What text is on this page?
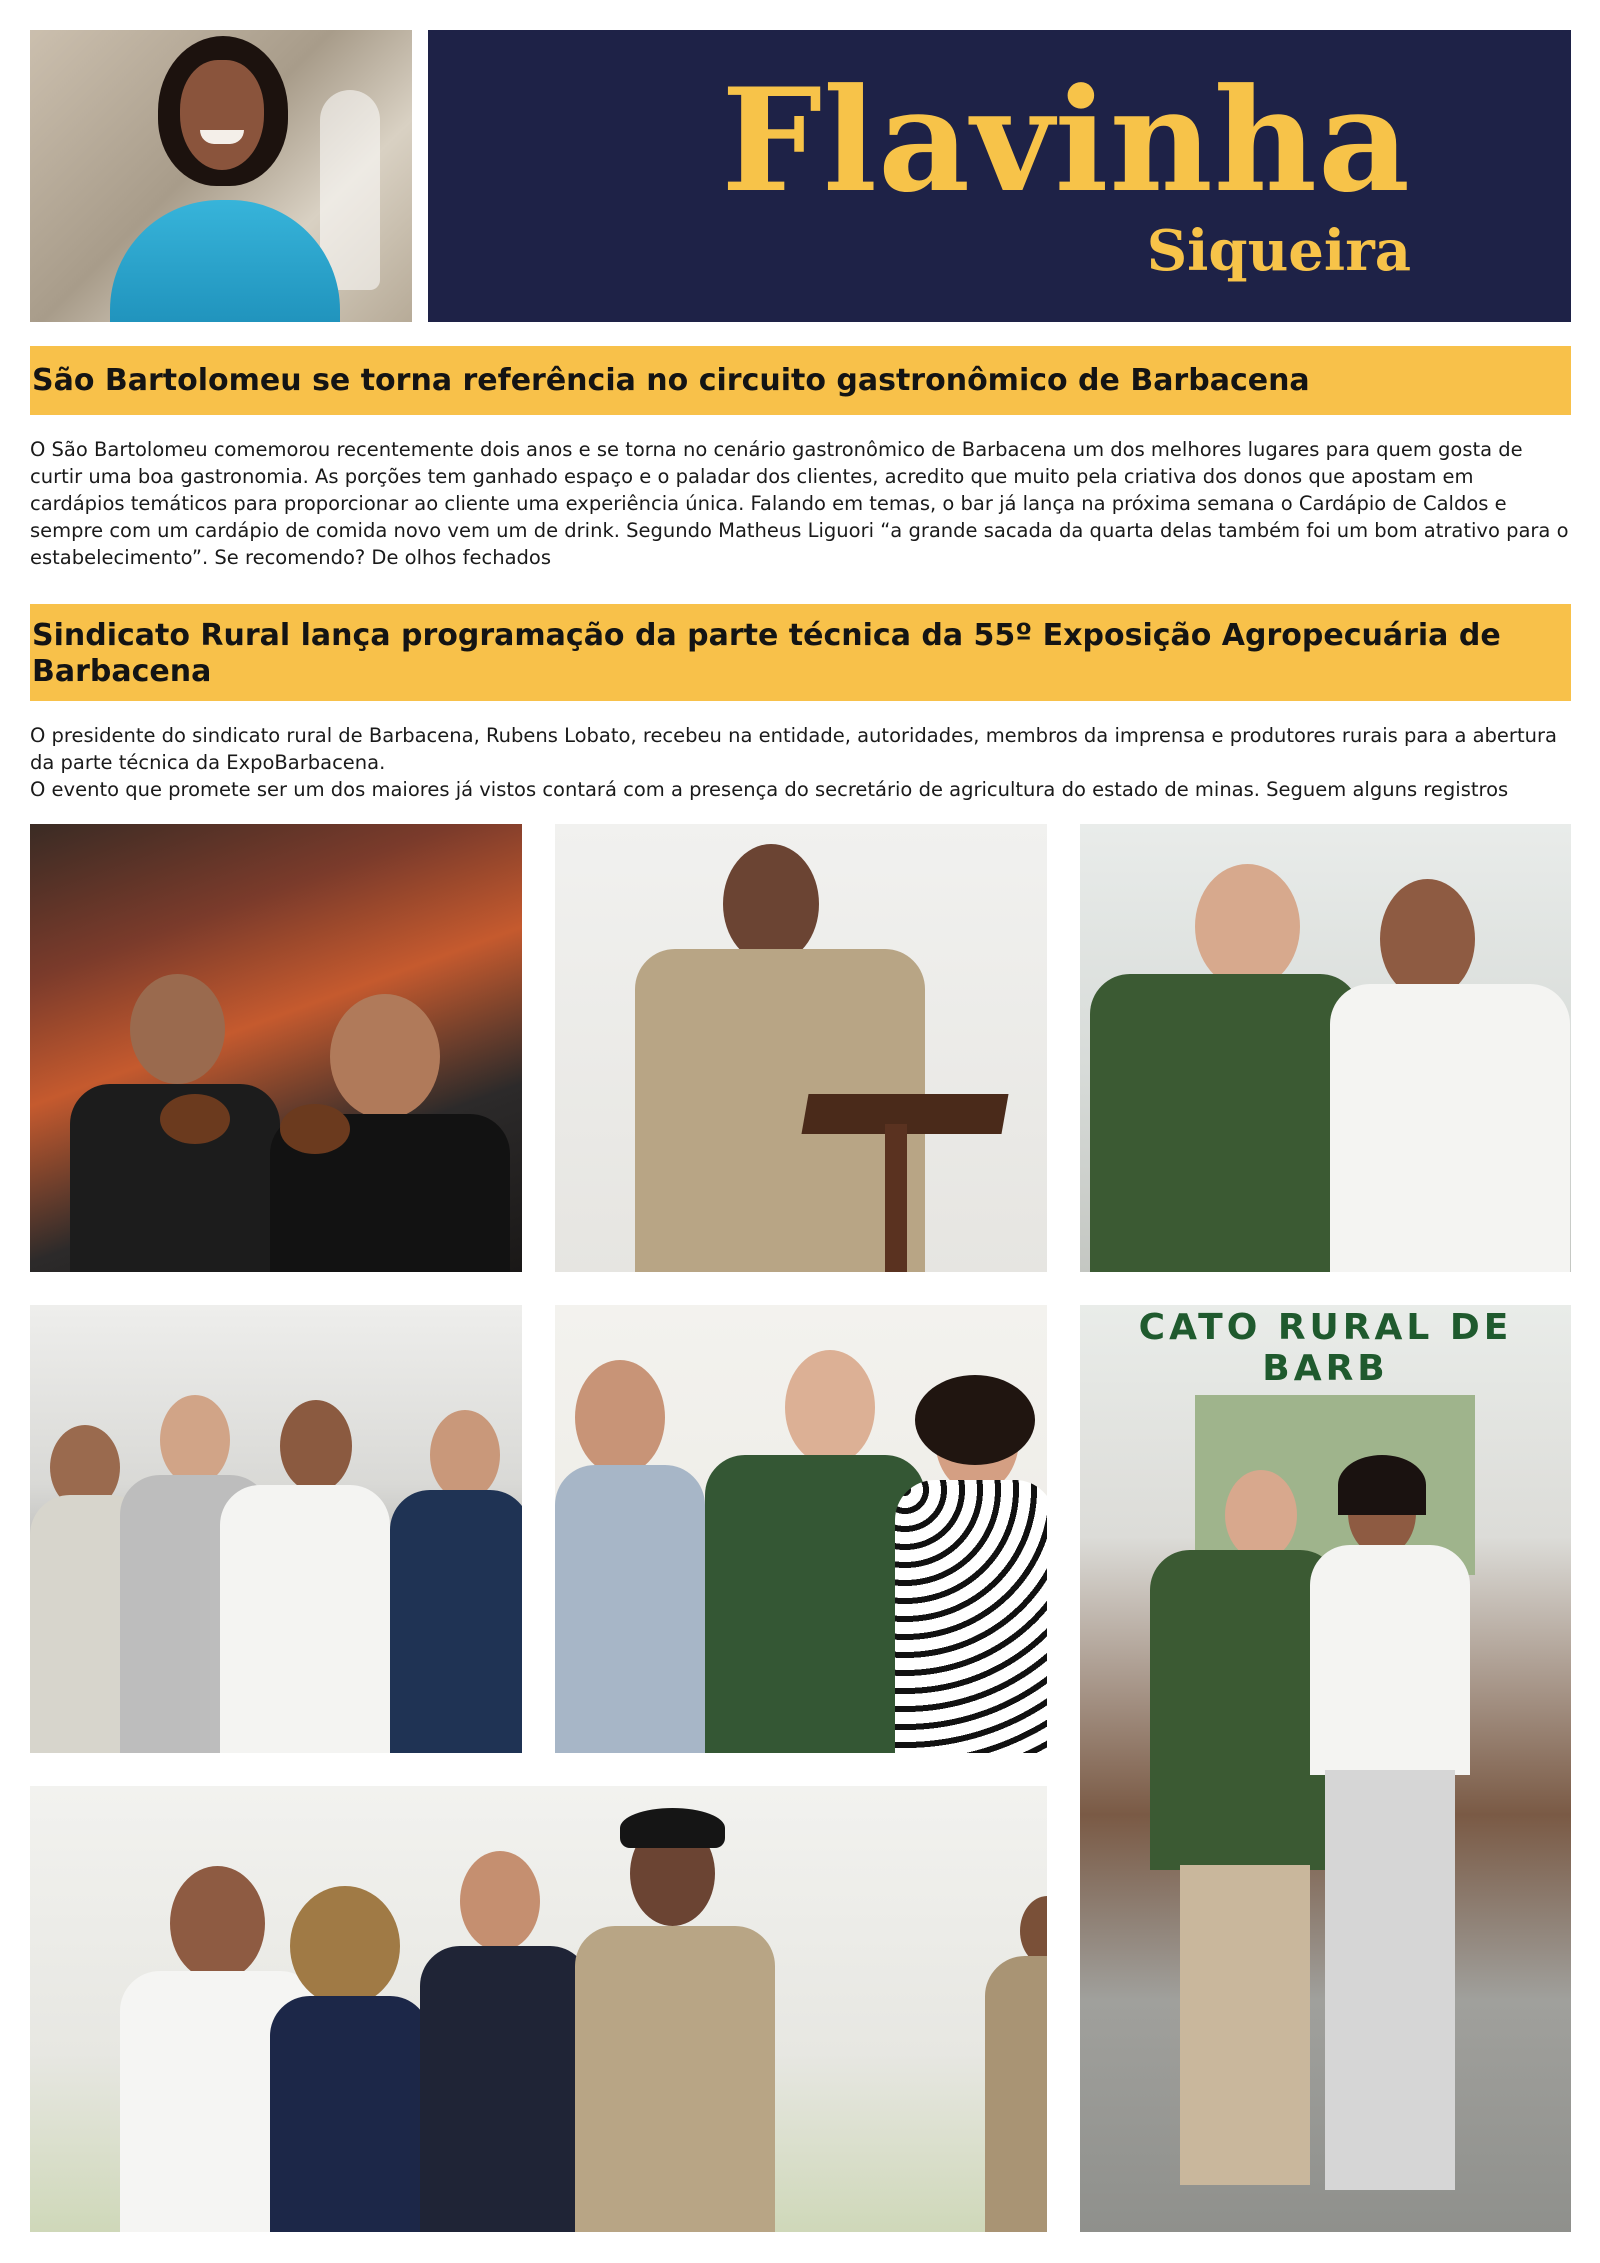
Flavinha
Siqueira
São Bartolomeu se torna referência no circuito gastronômico de Barbacena

O São Bartolomeu comemorou recentemente dois anos e se torna no cenário gastronômico de Barbacena um dos melhores lugares para quem gosta de curtir uma boa gastronomia. As porções tem ganhado espaço e o paladar dos clientes, acredito que muito pela criativa dos donos que apostam em cardápios temáticos para proporcionar ao cliente uma experiência única. Falando em temas, o bar já lança na próxima semana o Cardápio de Caldos e sempre com um cardápio de comida novo vem um de drink. Segundo Matheus Liguori “a grande sacada da quarta delas também foi um bom atrativo para o estabelecimento”. Se recomendo? De olhos fechados

Sindicato Rural lança programação da parte técnica da 55º Exposição Agropecuária de Barbacena

O presidente do sindicato rural de Barbacena, Rubens Lobato, recebeu na entidade, autoridades, membros da imprensa e produtores rurais para a abertura da parte técnica da ExpoBarbacena.

O evento que promete ser um dos maiores já vistos contará com a presença do secretário de agricultura do estado de minas. Seguem alguns registros

CATO RURAL DE BARB
